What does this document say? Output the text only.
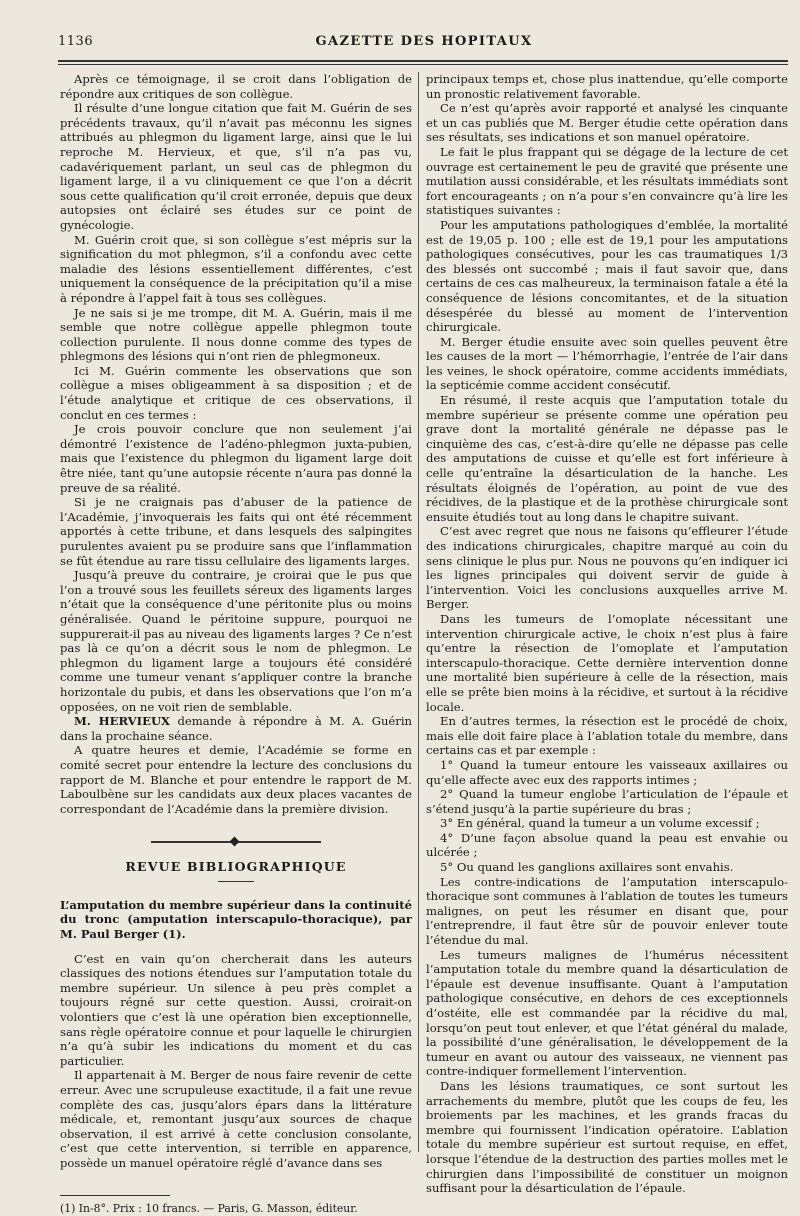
1136	GAZETTE DES HOPITAUX

Après ce témoignage, il se croit dans l’obligation de répondre aux critiques de son collègue.

Il résulte d’une longue citation que fait M. Guérin de ses précédents travaux, qu’il n’avait pas méconnu les signes attribués au phlegmon du ligament large, ainsi que le lui reproche M. Hervieux, et que, s’il n’a pas vu, cadavériquement parlant, un seul cas de phlegmon du ligament large, il a vu cliniquement ce que l’on a décrit sous cette qualification qu’il croit erronée, depuis que deux autopsies ont éclairé ses études sur ce point de gynécologie.

M. Guérin croit que, si son collègue s’est mépris sur la signification du mot phlegmon, s’il a confondu avec cette maladie des lésions essentiellement différentes, c’est uniquement la conséquence de la précipitation qu’il a mise à répondre à l’appel fait à tous ses collègues.

Je ne sais si je me trompe, dit M. A. Guérin, mais il me semble que notre collègue appelle phlegmon toute collection purulente. Il nous donne comme des types de phlegmons des lésions qui n’ont rien de phlegmoneux.

Ici M. Guérin commente les observations que son collègue a mises obligeamment à sa disposition ; et de l’étude analytique et critique de ces observations, il conclut en ces termes :

Je crois pouvoir conclure que non seulement j’ai démontré l’existence de l’adéno-phlegmon juxta-pubien, mais que l’existence du phlegmon du ligament large doit être niée, tant qu’une autopsie récente n’aura pas donné la preuve de sa réalité.

Si je ne craignais pas d’abuser de la patience de l’Académie, j’invoquerais les faits qui ont été récemment apportés à cette tribune, et dans lesquels des salpingites purulentes avaient pu se produire sans que l’inflammation se fût étendue au rare tissu cellulaire des ligaments larges.

Jusqu’à preuve du contraire, je croirai que le pus que l’on a trouvé sous les feuillets séreux des ligaments larges n’était que la conséquence d’une péritonite plus ou moins généralisée. Quand le péritoine suppure, pourquoi ne suppurerait-il pas au niveau des ligaments larges ? Ce n’est pas là ce qu’on a décrit sous le nom de phlegmon. Le phlegmon du ligament large a toujours été considéré comme une tumeur venant s’appliquer contre la branche horizontale du pubis, et dans les observations que l’on m’a opposées, on ne voit rien de semblable.

M. HERVIEUX demande à répondre à M. A. Guérin dans la prochaine séance.

A quatre heures et demie, l’Académie se forme en comité secret pour entendre la lecture des conclusions du rapport de M. Blanche et pour entendre le rapport de M. Laboulbène sur les candidats aux deux places vacantes de correspondant de l’Académie dans la première division.

REVUE BIBLIOGRAPHIQUE

L’amputation du membre supérieur dans la continuité du tronc (amputation interscapulo-thoracique), par M. Paul Berger (1).

C’est en vain qu’on chercherait dans les auteurs classiques des notions étendues sur l’amputation totale du membre supérieur. Un silence à peu près complet a toujours régné sur cette question. Aussi, croirait-on volontiers que c’est là une opération bien exceptionnelle, sans règle opératoire connue et pour laquelle le chirurgien n’a qu’à subir les indications du moment et du cas particulier.

Il appartenait à M. Berger de nous faire revenir de cette erreur. Avec une scrupuleuse exactitude, il a fait une revue complète des cas, jusqu’alors épars dans la littérature médicale, et, remontant jusqu’aux sources de chaque observation, il est arrivé à cette conclusion consolante, c’est que cette intervention, si terrible en apparence, possède un manuel opératoire réglé d’avance dans ses

(1) In-8°. Prix : 10 francs. — Paris, G. Masson, éditeur.

principaux temps et, chose plus inattendue, qu’elle comporte un pronostic relativement favorable.

Ce n’est qu’après avoir rapporté et analysé les cinquante et un cas publiés que M. Berger étudie cette opération dans ses résultats, ses indications et son manuel opératoire.

Le fait le plus frappant qui se dégage de la lecture de cet ouvrage est certainement le peu de gravité que présente une mutilation aussi considérable, et les résultats immédiats sont fort encourageants ; on n’a pour s’en convaincre qu’à lire les statistiques suivantes :

Pour les amputations pathologiques d’emblée, la mortalité est de 19,05 p. 100 ; elle est de 19,1 pour les amputations pathologiques consécutives, pour les cas traumatiques 1/3 des blessés ont succombé ; mais il faut savoir que, dans certains de ces cas malheureux, la terminaison fatale a été la conséquence de lésions concomitantes, et de la situation désespérée du blessé au moment de l’intervention chirurgicale.

M. Berger étudie ensuite avec soin quelles peuvent être les causes de la mort — l’hémorrhagie, l’entrée de l’air dans les veines, le shock opératoire, comme accidents immédiats, la septicémie comme accident consécutif.

En résumé, il reste acquis que l’amputation totale du membre supérieur se présente comme une opération peu grave dont la mortalité générale ne dépasse pas le cinquième des cas, c’est-à-dire qu’elle ne dépasse pas celle des amputations de cuisse et qu’elle est fort inférieure à celle qu’entraîne la désarticulation de la hanche. Les résultats éloignés de l’opération, au point de vue des récidives, de la plastique et de la prothèse chirurgicale sont ensuite étudiés tout au long dans le chapitre suivant.

C’est avec regret que nous ne faisons qu’effleurer l’étude des indications chirurgicales, chapitre marqué au coin du sens clinique le plus pur. Nous ne pouvons qu’en indiquer ici les lignes principales qui doivent servir de guide à l’intervention. Voici les conclusions auxquelles arrive M. Berger.

Dans les tumeurs de l’omoplate nécessitant une intervention chirurgicale active, le choix n’est plus à faire qu’entre la résection de l’omoplate et l’amputation interscapulo-thoracique. Cette dernière intervention donne une mortalité bien supérieure à celle de la résection, mais elle se prête bien moins à la récidive, et surtout à la récidive locale.

En d’autres termes, la résection est le procédé de choix, mais elle doit faire place à l’ablation totale du membre, dans certains cas et par exemple :

1° Quand la tumeur entoure les vaisseaux axillaires ou qu’elle affecte avec eux des rapports intimes ;

2° Quand la tumeur englobe l’articulation de l’épaule et s’étend jusqu’à la partie supérieure du bras ;

3° En général, quand la tumeur a un volume excessif ;

4° D’une façon absolue quand la peau est envahie ou ulcérée ;

5° Ou quand les ganglions axillaires sont envahis.

Les contre-indications de l’amputation interscapulo-thoracique sont communes à l’ablation de toutes les tumeurs malignes, on peut les résumer en disant que, pour l’entreprendre, il faut être sûr de pouvoir enlever toute l’étendue du mal.

Les tumeurs malignes de l’humérus nécessitent l’amputation totale du membre quand la désarticulation de l’épaule est devenue insuffisante. Quant à l’amputation pathologique consécutive, en dehors de ces exceptionnels d’ostéite, elle est commandée par la récidive du mal, lorsqu’on peut tout enlever, et que l’état général du malade, la possibilité d’une généralisation, le développement de la tumeur en avant ou autour des vaisseaux, ne viennent pas contre-indiquer formellement l’intervention.

Dans les lésions traumatiques, ce sont surtout les arrachements du membre, plutôt que les coups de feu, les broiements par les machines, et les grands fracas du membre qui fournissent l’indication opératoire. L’ablation totale du membre supérieur est surtout requise, en effet, lorsque l’étendue de la destruction des parties molles met le chirurgien dans l’impossibilité de constituer un moignon suffisant pour la désarticulation de l’épaule.
